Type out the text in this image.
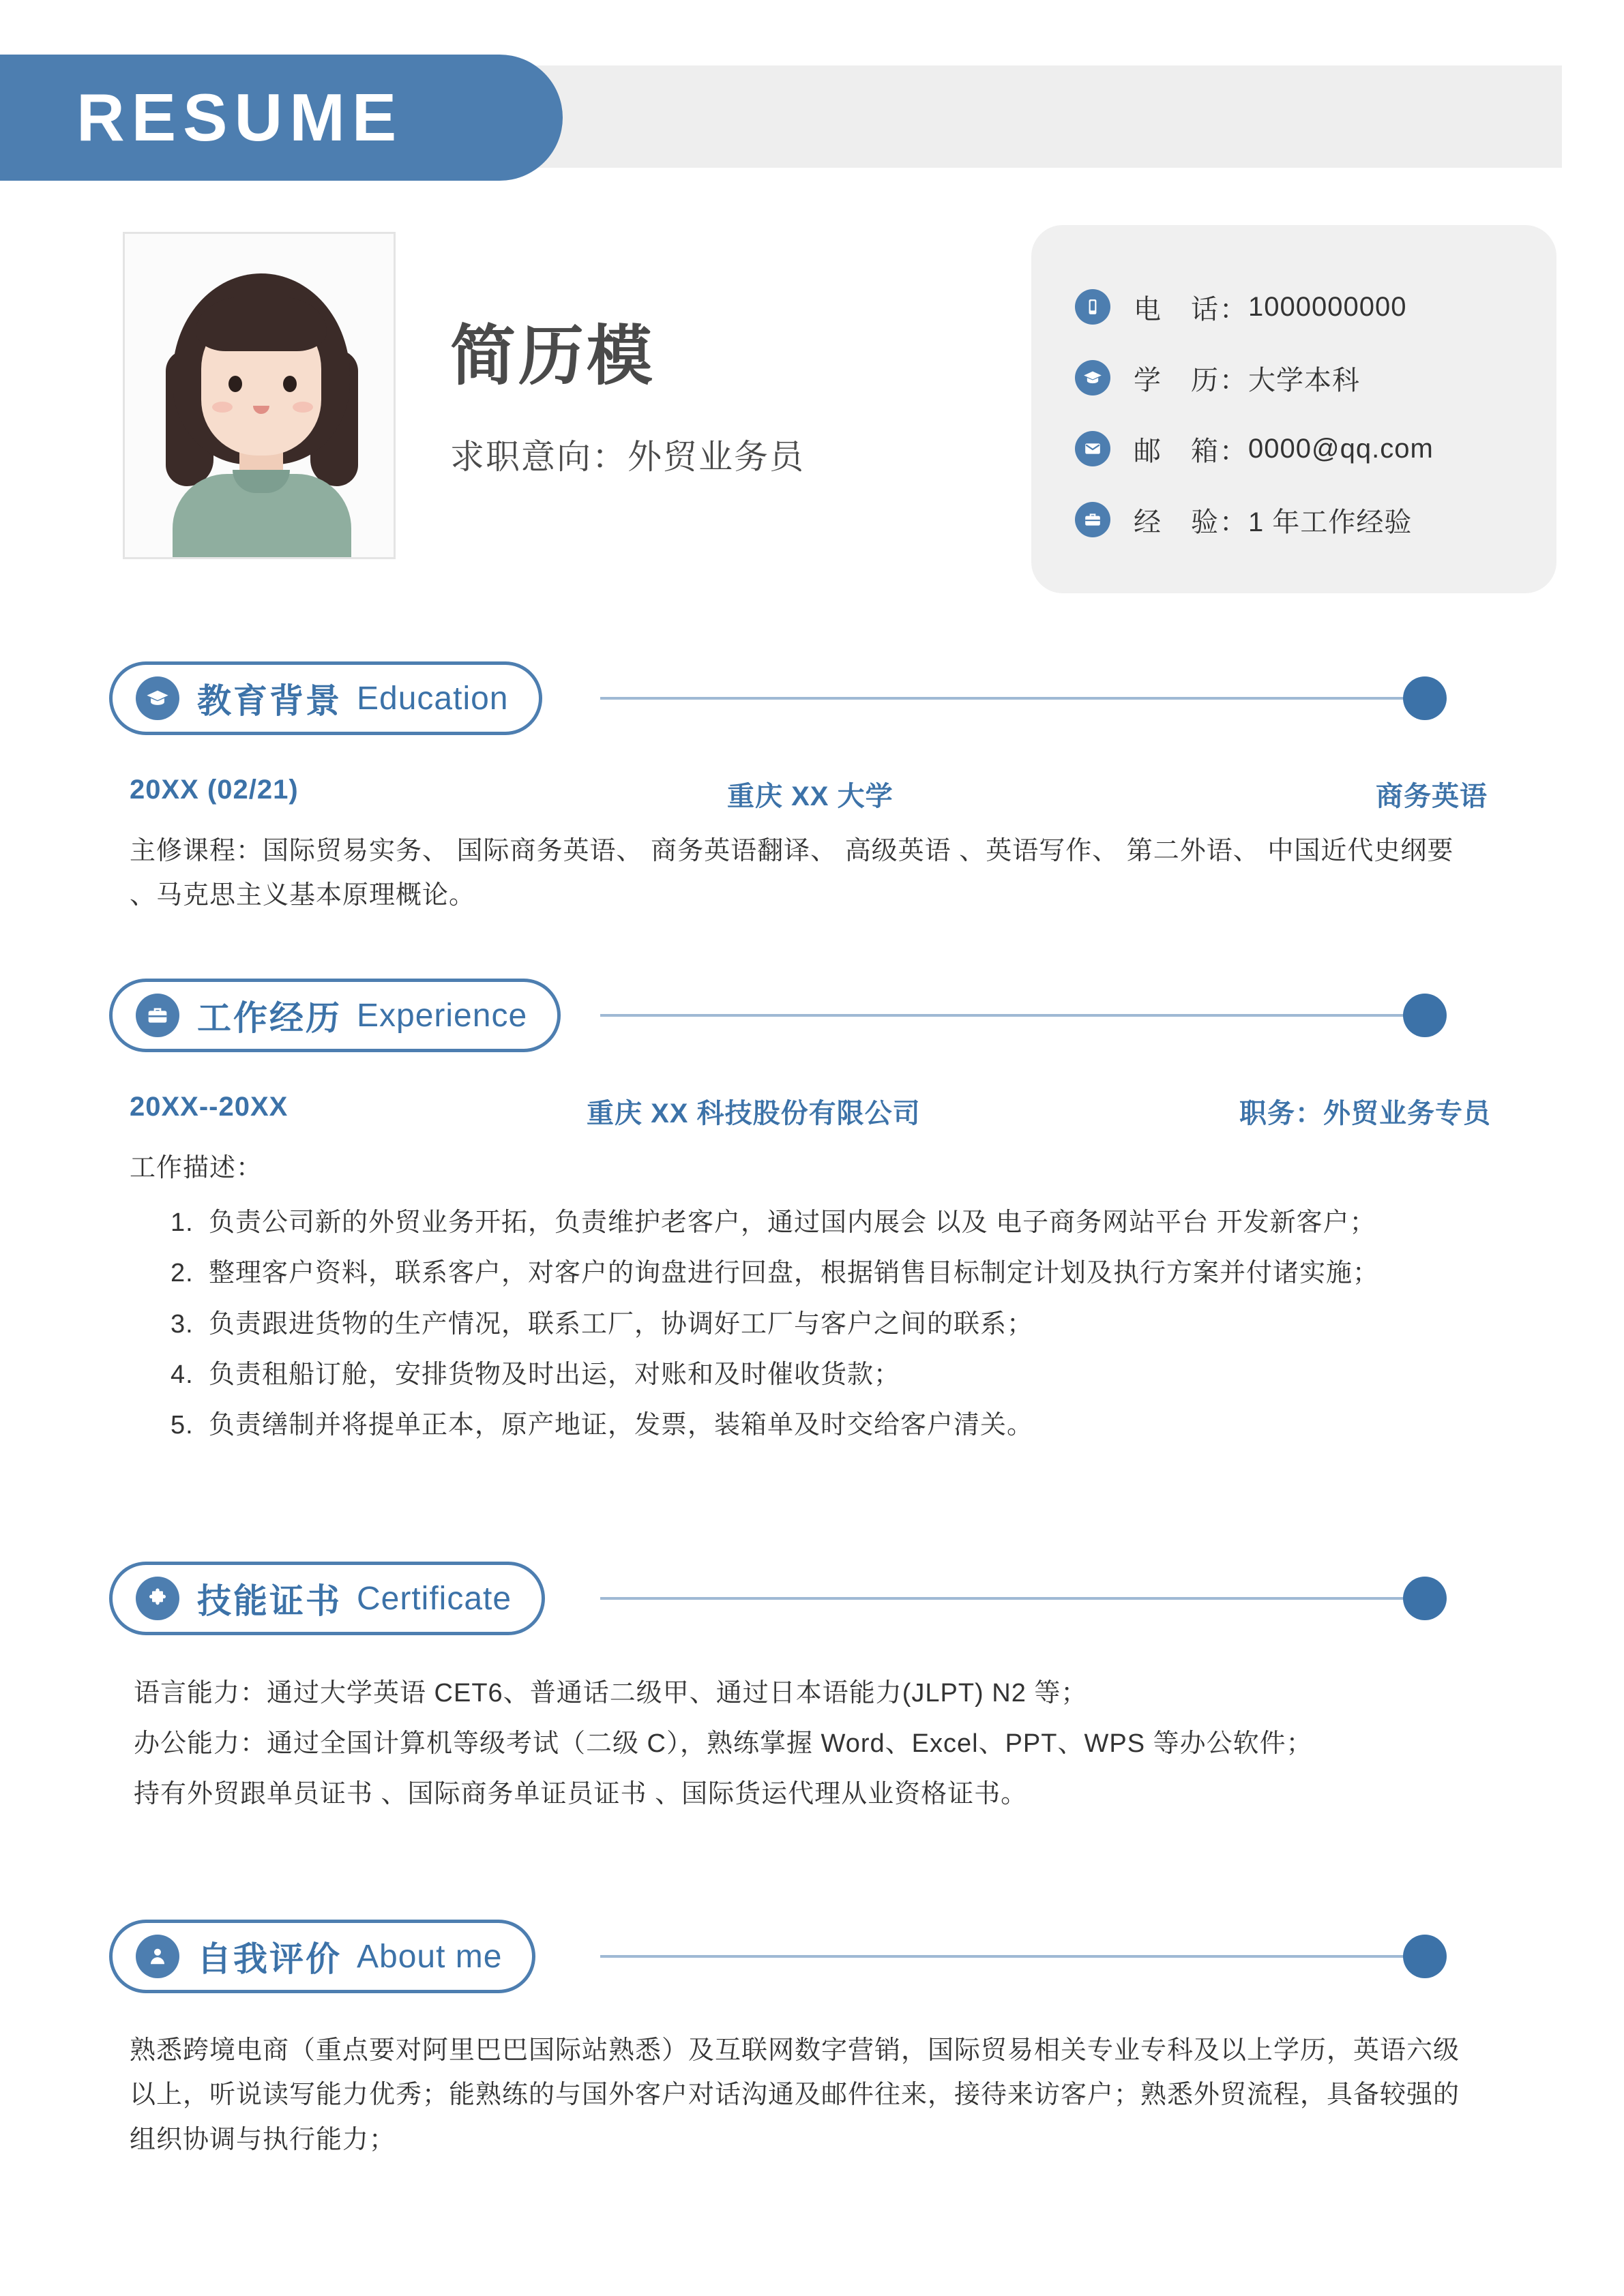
RESUME
简历模
求职意向：外贸业务员
电　话： 1000000000
学　历： 大学本科
邮　箱： 0000@qq.com
经　验： 1 年工作经验
教育背景 Education
20XX (02/21)	重庆 XX 大学	商务英语
主修课程：国际贸易实务、 国际商务英语、 商务英语翻译、 高级英语 、英语写作、 第二外语、 中国近代史纲要 、马克思主义基本原理概论。
工作经历 Experience
20XX--20XX	重庆 XX 科技股份有限公司	职务：外贸业务专员
工作描述：
1. 负责公司新的外贸业务开拓，负责维护老客户，通过国内展会 以及 电子商务网站平台 开发新客户；
2. 整理客户资料，联系客户，对客户的询盘进行回盘，根据销售目标制定计划及执行方案并付诸实施；
3. 负责跟进货物的生产情况，联系工厂，协调好工厂与客户之间的联系；
4. 负责租船订舱，安排货物及时出运，对账和及时催收货款；
5. 负责缮制并将提单正本，原产地证，发票，装箱单及时交给客户清关。
技能证书 Certificate
语言能力：通过大学英语 CET6、普通话二级甲、通过日本语能力(JLPT) N2 等；
办公能力：通过全国计算机等级考试（二级 C），熟练掌握 Word、Excel、PPT、WPS 等办公软件；
持有外贸跟单员证书 、国际商务单证员证书 、国际货运代理从业资格证书。
自我评价 About me
熟悉跨境电商（重点要对阿里巴巴国际站熟悉）及互联网数字营销，国际贸易相关专业专科及以上学历，英语六级以上，听说读写能力优秀；能熟练的与国外客户对话沟通及邮件往来，接待来访客户；熟悉外贸流程，具备较强的组织协调与执行能力；
